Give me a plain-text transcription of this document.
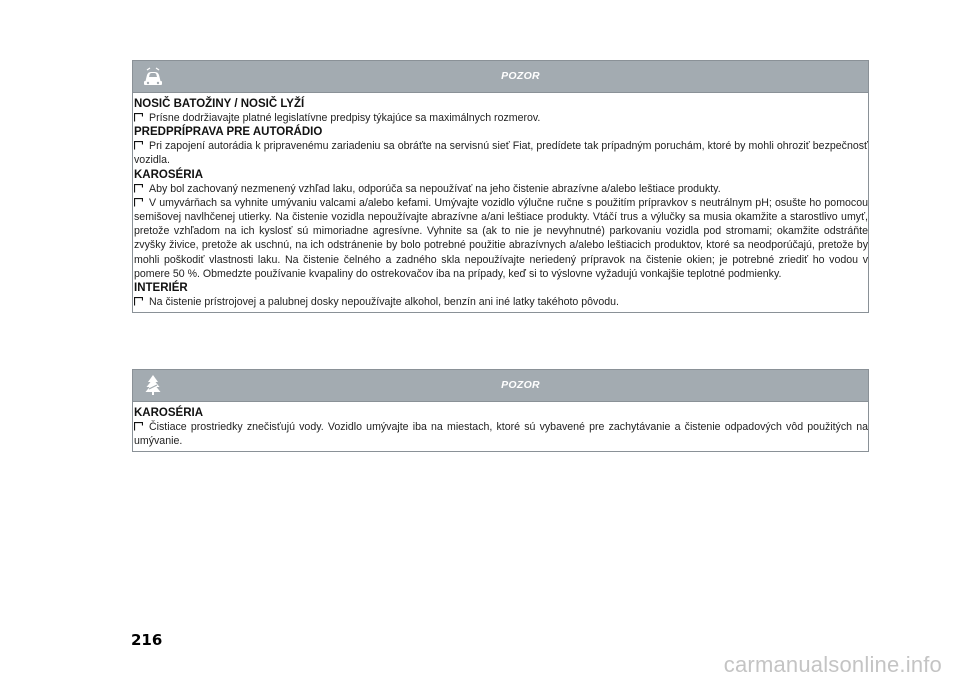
POZOR

NOSIČ BATOŽINY / NOSIČ LYŽÍ

Prísne dodržiavajte platné legislatívne predpisy týkajúce sa maximálnych rozmerov.

PREDPRÍPRAVA PRE AUTORÁDIO

Pri zapojení autorádia k pripravenému zariadeniu sa obráťte na servisnú sieť Fiat, predídete tak prípadným poruchám, ktoré by mohli ohroziť bezpečnosť vozidla.

KAROSÉRIA

Aby bol zachovaný nezmenený vzhľad laku, odporúča sa nepoužívať na jeho čistenie abrazívne a/alebo leštiace produkty.

V umyvárňach sa vyhnite umývaniu valcami a/alebo kefami. Umývajte vozidlo výlučne ručne s použitím prípravkov s neutrálnym pH; osušte ho pomocou semišovej navlhčenej utierky. Na čistenie vozidla nepoužívajte abrazívne a/ani leštiace produkty. Vtáčí trus a výlučky sa musia okamžite a starostlivo umyť, pretože vzhľadom na ich kyslosť sú mimoriadne agresívne. Vyhnite sa (ak to nie je nevyhnutné) parkovaniu vozidla pod stromami; okamžite odstráňte zvyšky živice, pretože ak uschnú, na ich odstránenie by bolo potrebné použitie abrazívnych a/alebo leštiacich produktov, ktoré sa neodporúčajú, pretože by mohli poškodiť vlastnosti laku. Na čistenie čelného a zadného skla nepoužívajte neriedený prípravok na čistenie okien; je potrebné zriediť ho vodou v pomere 50 %. Obmedzte používanie kvapaliny do ostrekovačov iba na prípady, keď si to výslovne vyžadujú vonkajšie teplotné podmienky.

INTERIÉR

Na čistenie prístrojovej a palubnej dosky nepoužívajte alkohol, benzín ani iné latky takéhoto pôvodu.

POZOR

KAROSÉRIA

Čistiace prostriedky znečisťujú vody. Vozidlo umývajte iba na miestach, ktoré sú vybavené pre zachytávanie a čistenie odpadových vôd použitých na umývanie.

216
carmanualsonline.info
